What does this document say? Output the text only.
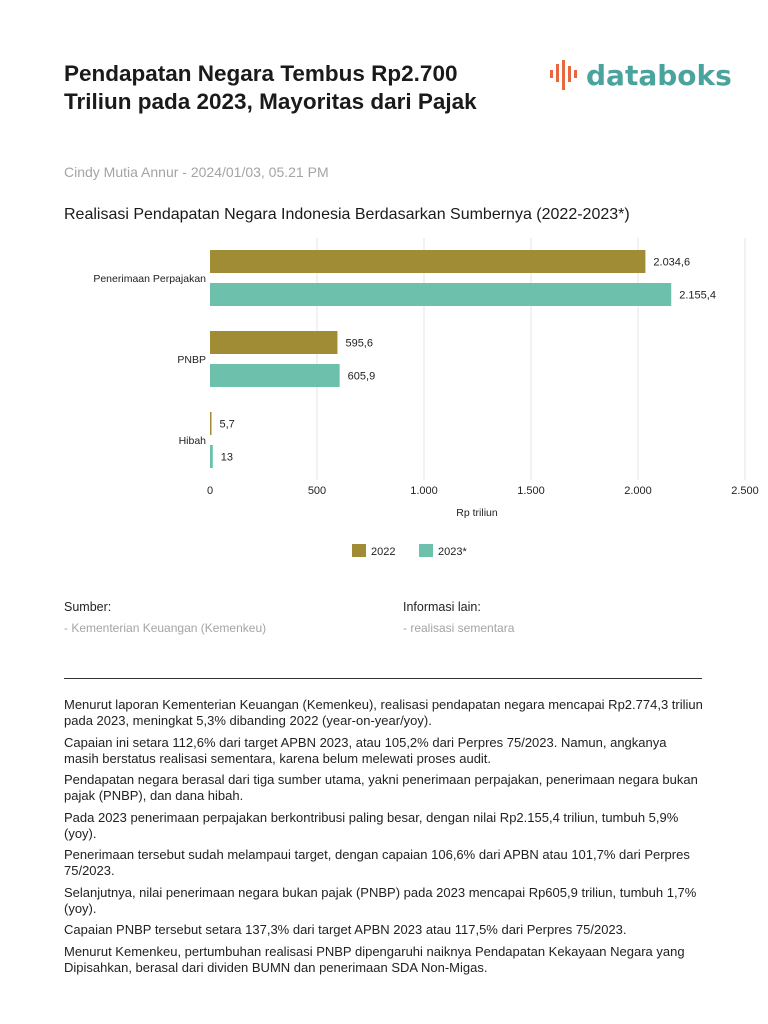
Pendapatan Negara Tembus Rp2.700 Triliun pada 2023, Mayoritas dari Pajak
databoks
Cindy Mutia Annur - 2024/01/03, 05.21 PM
Realisasi Pendapatan Negara Indonesia Berdasarkan Sumbernya (2022-2023*)
0	500	1.000	1.500	2.000	2.500
Rp triliun
2.034,6
2.155,4
Penerimaan Perpajakan
595,6
605,9
PNBP
5,7
13
Hibah
2022	2023*
Sumber:
- Kementerian Keuangan (Kemenkeu)
Informasi lain:
- realisasi sementara

Menurut laporan Kementerian Keuangan (Kemenkeu), realisasi pendapatan negara mencapai Rp2.774,3 triliun pada 2023, meningkat 5,3% dibanding 2022 (year-on-year/yoy).

Capaian ini setara 112,6% dari target APBN 2023, atau 105,2% dari Perpres 75/2023. Namun, angkanya masih berstatus realisasi sementara, karena belum melewati proses audit.

Pendapatan negara berasal dari tiga sumber utama, yakni penerimaan perpajakan, penerimaan negara bukan pajak (PNBP), dan dana hibah.

Pada 2023 penerimaan perpajakan berkontribusi paling besar, dengan nilai Rp2.155,4 triliun, tumbuh 5,9% (yoy).

Penerimaan tersebut sudah melampaui target, dengan capaian 106,6% dari APBN atau 101,7% dari Perpres 75/2023.

Selanjutnya, nilai penerimaan negara bukan pajak (PNBP) pada 2023 mencapai Rp605,9 triliun, tumbuh 1,7% (yoy).

Capaian PNBP tersebut setara 137,3% dari target APBN 2023 atau 117,5% dari Perpres 75/2023.

Menurut Kemenkeu, pertumbuhan realisasi PNBP dipengaruhi naiknya Pendapatan Kekayaan Negara yang Dipisahkan, berasal dari dividen BUMN dan penerimaan SDA Non-Migas.
